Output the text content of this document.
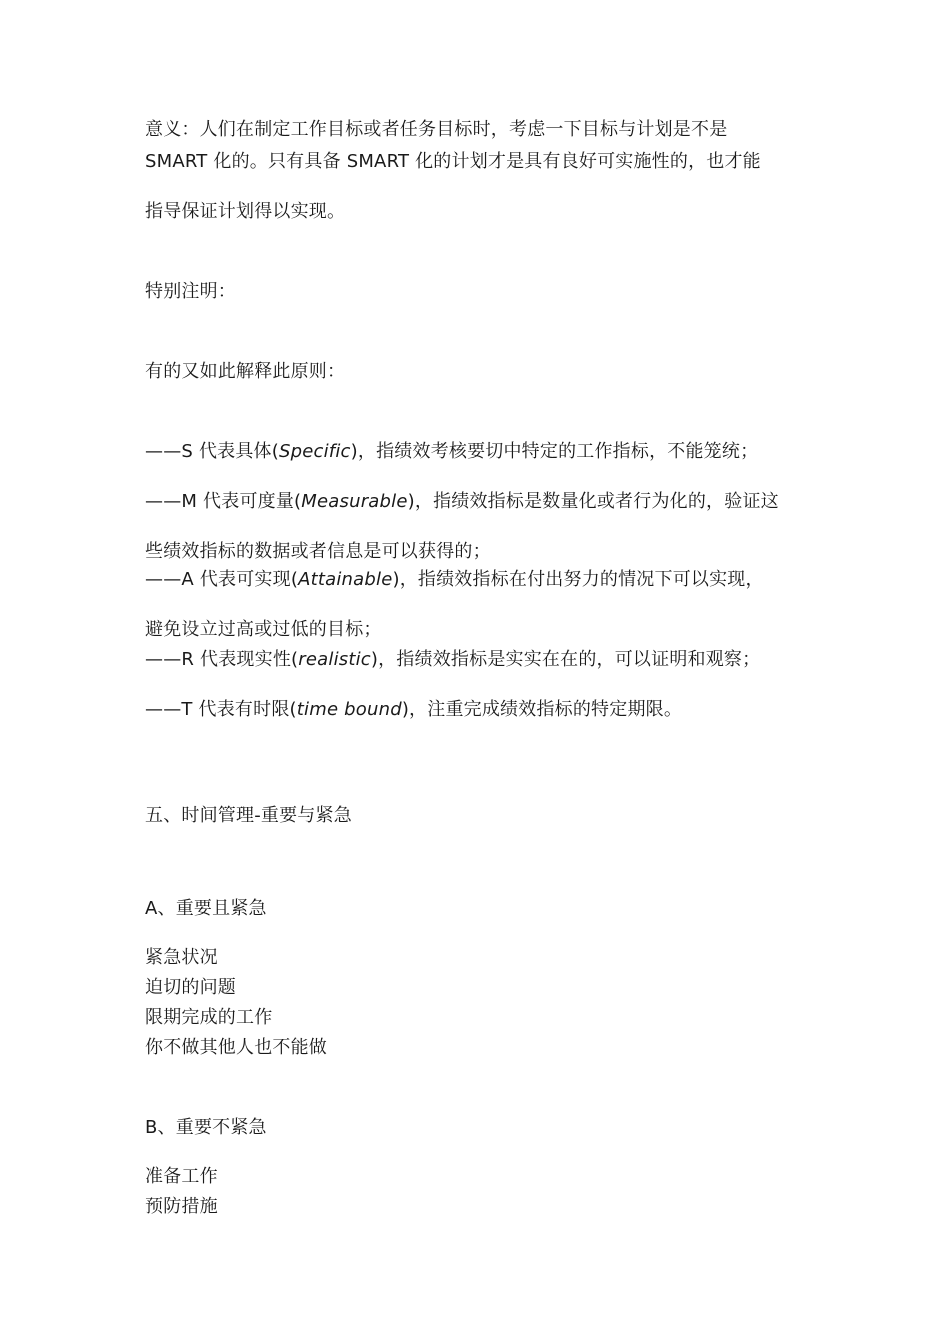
意义：人们在制定工作目标或者任务目标时，考虑一下目标与计划是不是
SMART 化的。只有具备 SMART 化的计划才是具有良好可实施性的，也才能
指导保证计划得以实现。
特别注明：
有的又如此解释此原则：
——S 代表具体(Specific)，指绩效考核要切中特定的工作指标，不能笼统；
——M 代表可度量(Measurable)，指绩效指标是数量化或者行为化的，验证这
些绩效指标的数据或者信息是可以获得的；
——A 代表可实现(Attainable)，指绩效指标在付出努力的情况下可以实现，
避免设立过高或过低的目标；
——R 代表现实性(realistic)，指绩效指标是实实在在的，可以证明和观察；
——T 代表有时限(time bound)，注重完成绩效指标的特定期限。
五、时间管理-重要与紧急
A、重要且紧急
紧急状况
迫切的问题
限期完成的工作
你不做其他人也不能做
B、重要不紧急
准备工作
预防措施
